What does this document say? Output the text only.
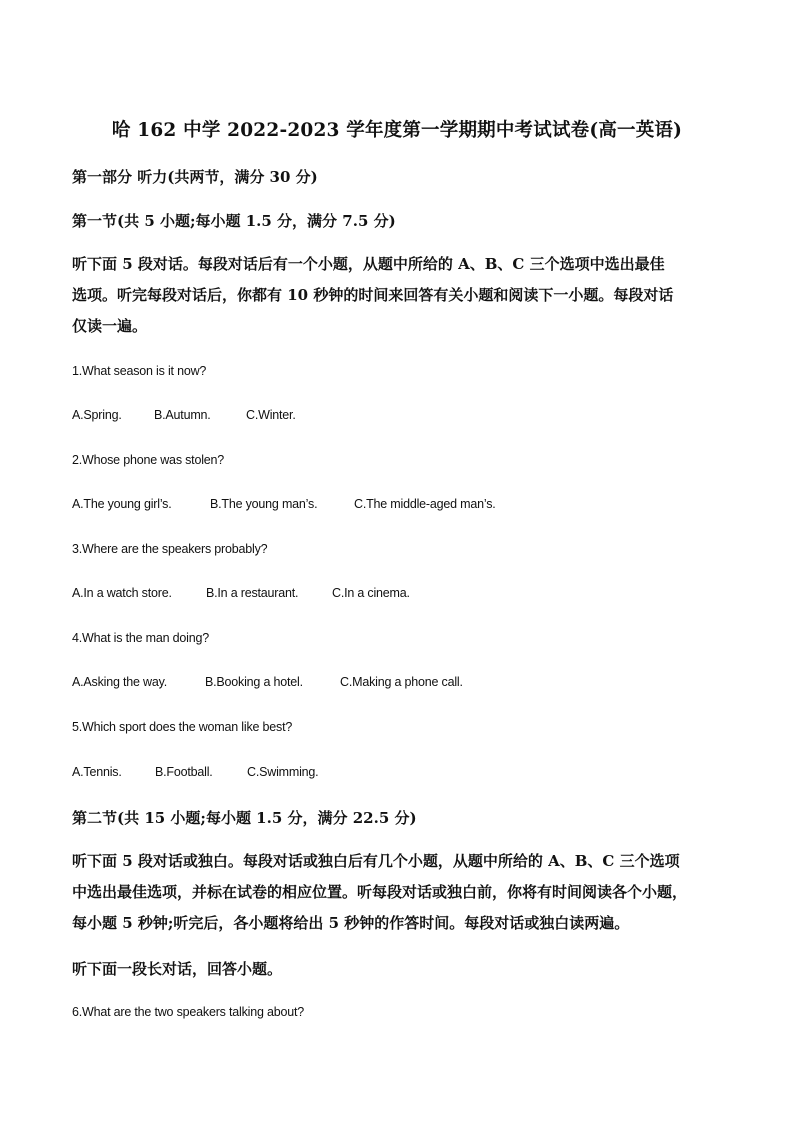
哈 162 中学 2022-2023 学年度第一学期期中考试试卷(高一英语)
第一部分 听力(共两节，满分 30 分)
第一节(共 5 小题;每小题 1.5 分，满分 7.5 分)
听下面 5 段对话。每段对话后有一个小题，从题中所给的 A、B、C 三个选项中选出最佳
选项。听完每段对话后，你都有 10 秒钟的时间来回答有关小题和阅读下一小题。每段对话
仅读一遍。
1.What season is it now?
A.Spring.	B.Autumn.	C.Winter.
2.Whose phone was stolen?
A.The young girl’s.	B.The young man’s.	C.The middle-aged man’s.
3.Where are the speakers probably?
A.In a watch store.	B.In a restaurant.	C.In a cinema.
4.What is the man doing?
A.Asking the way.	B.Booking a hotel.	C.Making a phone call.
5.Which sport does the woman like best?
A.Tennis.	B.Football.	C.Swimming.
第二节(共 15 小题;每小题 1.5 分，满分 22.5 分)
听下面 5 段对话或独白。每段对话或独白后有几个小题，从题中所给的 A、B、C 三个选项
中选出最佳选项，并标在试卷的相应位置。听每段对话或独白前，你将有时间阅读各个小题，
每小题 5 秒钟;听完后，各小题将给出 5 秒钟的作答时间。每段对话或独白读两遍。
听下面一段长对话，回答小题。
6.What are the two speakers talking about?
